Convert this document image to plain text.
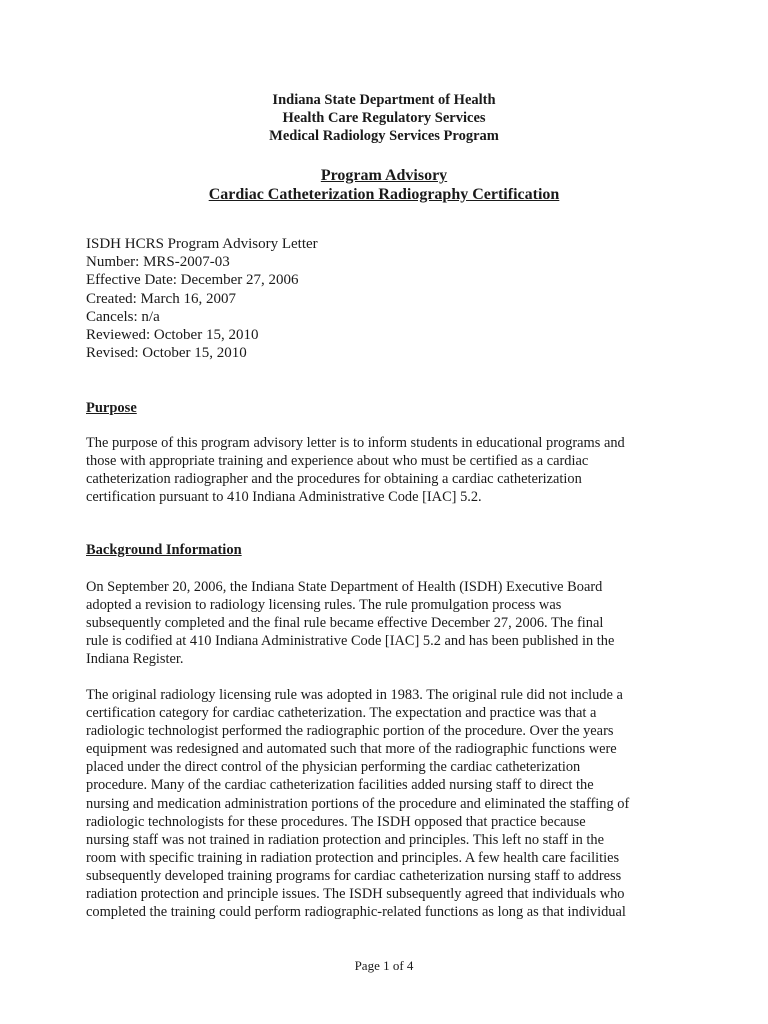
Indiana State Department of Health
Health Care Regulatory Services
Medical Radiology Services Program
Program Advisory
Cardiac Catheterization Radiography Certification
ISDH HCRS Program Advisory Letter
Number: MRS-2007-03
Effective Date: December 27, 2006
Created: March 16, 2007
Cancels: n/a
Reviewed: October 15, 2010
Revised: October 15, 2010
Purpose
The purpose of this program advisory letter is to inform students in educational programs and
those with appropriate training and experience about who must be certified as a cardiac
catheterization radiographer and the procedures for obtaining a cardiac catheterization
certification pursuant to 410 Indiana Administrative Code [IAC] 5.2.
Background Information
On September 20, 2006, the Indiana State Department of Health (ISDH) Executive Board
adopted a revision to radiology licensing rules. The rule promulgation process was
subsequently completed and the final rule became effective December 27, 2006. The final
rule is codified at 410 Indiana Administrative Code [IAC] 5.2 and has been published in the
Indiana Register.
The original radiology licensing rule was adopted in 1983. The original rule did not include a
certification category for cardiac catheterization. The expectation and practice was that a
radiologic technologist performed the radiographic portion of the procedure. Over the years
equipment was redesigned and automated such that more of the radiographic functions were
placed under the direct control of the physician performing the cardiac catheterization
procedure. Many of the cardiac catheterization facilities added nursing staff to direct the
nursing and medication administration portions of the procedure and eliminated the staffing of
radiologic technologists for these procedures. The ISDH opposed that practice because
nursing staff was not trained in radiation protection and principles. This left no staff in the
room with specific training in radiation protection and principles. A few health care facilities
subsequently developed training programs for cardiac catheterization nursing staff to address
radiation protection and principle issues. The ISDH subsequently agreed that individuals who
completed the training could perform radiographic-related functions as long as that individual
Page 1 of 4
